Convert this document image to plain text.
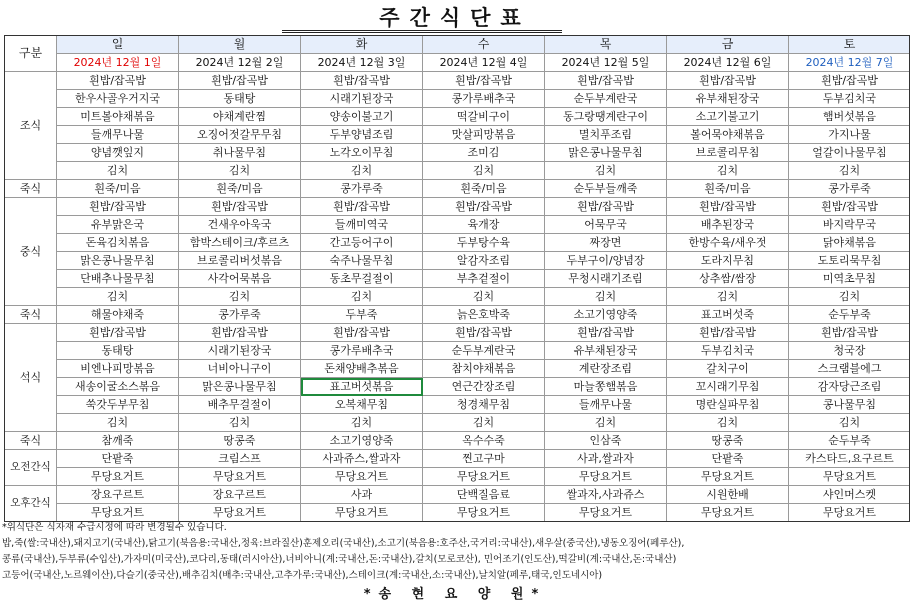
주간식단표
구분	일	월	화	수	목	금	토
	2024년 12월 1일	2024년 12월 2일	2024년 12월 3일	2024년 12월 4일	2024년 12월 5일	2024년 12월 6일	2024년 12월 7일
조식	흰밥/잡곡밥	흰밥/잡곡밥	흰밥/잡곡밥	흰밥/잡곡밥	흰밥/잡곡밥	흰밥/잡곡밥	흰밥/잡곡밥
	한우사골우거지국	동태탕	시래기된장국	콩가루배추국	순두부계란국	유부채된장국	두부김치국
	미트볼야채볶음	야채계란찜	양송이불고기	떡갈비구이	동그랑땡계란구이	소고기불고기	햄버섯볶음
	들깨무나물	오징어젓갈무무침	두부양념조림	맛살피망볶음	멸치푸조림	볼어묵야채볶음	가지나물
	양념깻잎지	취나물무침	노각오이무침	조미김	맑은콩나물무침	브로콜리무침	얼갈이나물무침
	김치	김치	김치	김치	김치	김치	김치
죽식	흰죽/미음	흰죽/미음	콩가루죽	흰죽/미음	순두부들깨죽	흰죽/미음	콩가루죽
중식	흰밥/잡곡밥	흰밥/잡곡밥	흰밥/잡곡밥	흰밥/잡곡밥	흰밥/잡곡밥	흰밥/잡곡밥	흰밥/잡곡밥
	유부맑은국	건새우아욱국	들깨미역국	육개장	어묵무국	배추된장국	바지락무국
	돈육김치볶음	함박스테이크/후르츠	간고등어구이	두부탕수육	짜장면	한방수육/새우젓	닭야채볶음
	맑은콩나물무침	브로콜리버섯볶음	숙주나물무침	알감자조림	두부구이/양념장	도라지무침	도토리묵무침
	단배추나물무침	사각어묵볶음	동초무걸절이	부추겉절이	무청시래기조림	상추쌈/쌈장	미역초무침
	김치	김치	김치	김치	김치	김치	김치
죽식	해물야채죽	콩가루죽	두부죽	늙은호박죽	소고기영양죽	표고버섯죽	순두부죽
석식	흰밥/잡곡밥	흰밥/잡곡밥	흰밥/잡곡밥	흰밥/잡곡밥	흰밥/잡곡밥	흰밥/잡곡밥	흰밥/잡곡밥
	동태탕	시래기된장국	콩가루배추국	순두부계란국	유부채된장국	두부김치국	청국장
	비엔나피망볶음	너비아니구이	돈채양배추볶음	참치야채볶음	계란장조림	갈치구이	스크램블에그
	새송이굴소스볶음	맑은콩나물무침	표고버섯볶음	연근간장조림	마늘쫑햄볶음	꼬시래기무침	감자당근조림
	쑥갓두부무침	배추무걸절이	오복채무침	청경채무침	들깨무나물	명란실파무침	콩나물무침
	김치	김치	김치	김치	김치	김치	김치
죽식	참깨죽	땅콩죽	소고기영양죽	옥수수죽	인삼죽	땅콩죽	순두부죽
오전간식	단팥죽	크림스프	사과쥬스,쌀과자	찐고구마	사과,쌀과자	단팥죽	카스타드,요구르트
	무당요거트	무당요거트	무당요거트	무당요거트	무당요거트	무당요거트	무당요거트
오후간식	장요구르트	장요구르트	사과	단백질음료	쌀과자,사과쥬스	시원한배	샤인머스켓
	무당요거트	무당요거트	무당요거트	무당요거트	무당요거트	무당요거트	무당요거트
*위식단은 식자재 수급시정에 따라 변경될수 있습니다.
밥,죽(쌀:국내산),돼지고기(국내산),닭고기(북음용:국내산,정육:브라질산)훈제오리(국내산),소고기(북음용:호주산,국거리:국내산),새우살(중국산),냉동오징어(페루산),
콩류(국내산),두부류(수입산),가자미(미국산),코다리,동태(러시아산),너비아니(계:국내산,돈:국내산),갈치(모로코산), 민어조기(인도산),떡갈비(계:국내산,돈:국내산)
고등어(국내산,노르웨이산),다슬기(중국산),배추김치(배추:국내산,고추가루:국내산),스테이크(계:국내산,소:국내산),날치알(페루,태국,인도네시아)
*송 현 요 양 원*
